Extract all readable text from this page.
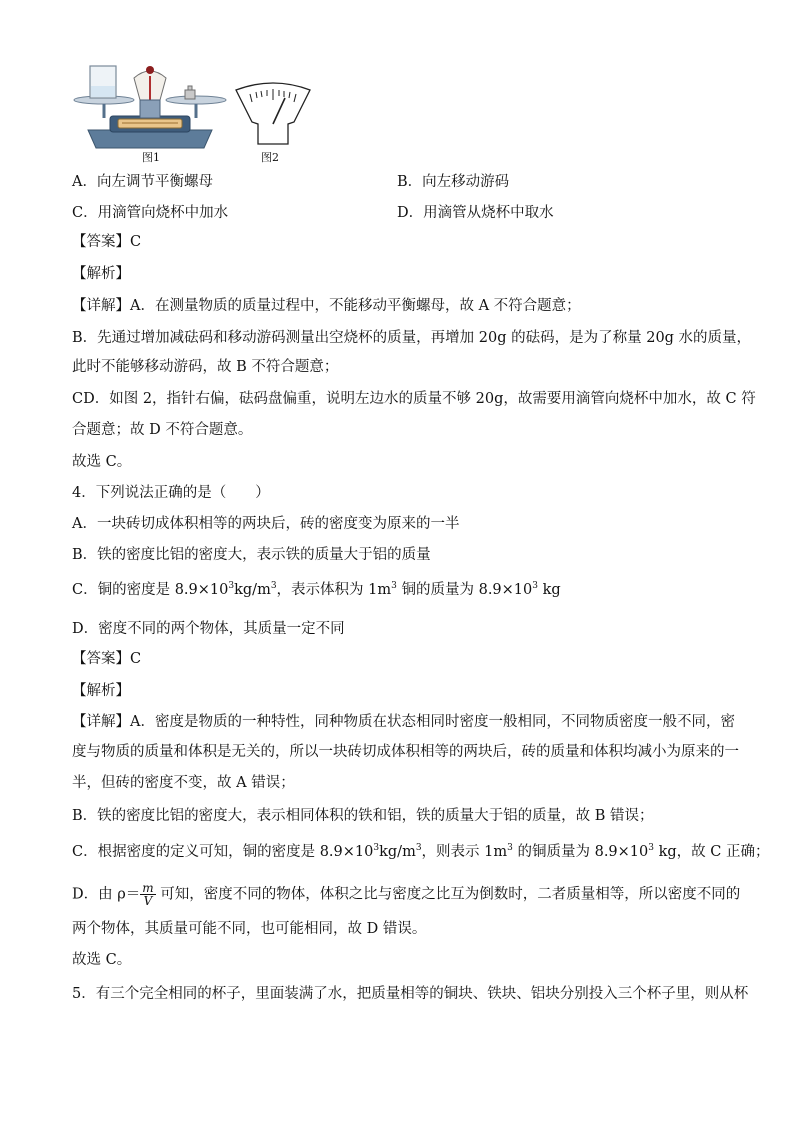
图1	图2
A．向左调节平衡螺母	B．向左移动游码
C．用滴管向烧杯中加水	D．用滴管从烧杯中取水
【答案】C
【解析】
【详解】A．在测量物质的质量过程中，不能移动平衡螺母，故 A 不符合题意；
B．先通过增加减砝码和移动游码测量出空烧杯的质量，再增加 20g 的砝码，是为了称量 20g 水的质量，
此时不能够移动游码，故 B 不符合题意；
CD．如图 2，指针右偏，砝码盘偏重，说明左边水的质量不够 20g，故需要用滴管向烧杯中加水，故 C 符
合题意；故 D 不符合题意。
故选 C。
4．下列说法正确的是（　　）
A．一块砖切成体积相等的两块后，砖的密度变为原来的一半
B．铁的密度比铝的密度大，表示铁的质量大于铝的质量
C．铜的密度是 $8.9\times 10^3kg/m^3$，表示体积为 $1m^3$ 铜的质量为 $8.9\times 10^3$ kg
D．密度不同的两个物体，其质量一定不同
【答案】C
【解析】
【详解】A．密度是物质的一种特性，同种物质在状态相同时密度一般相同，不同物质密度一般不同，密
度与物质的质量和体积是无关的，所以一块砖切成体积相等的两块后，砖的质量和体积均减小为原来的一
半，但砖的密度不变，故 A 错误；
B．铁的密度比铝的密度大，表示相同体积的铁和铝，铁的质量大于铝的质量，故 B 错误；
C．根据密度的定义可知，铜的密度是 $8.9\times 10^3kg/m^3$，则表示 $1m^3$ 的铜质量为 $8.9\times 10^3$ kg，故 C 正确；
D．由 $\rho= \frac{m}{V}$ 可知，密度不同的物体，体积之比与密度之比互为倒数时，二者质量相等，所以密度不同的
两个物体，其质量可能不同，也可能相同，故 D 错误。
故选 C。
5．有三个完全相同的杯子，里面装满了水，把质量相等的铜块、铁块、铝块分别投入三个杯子里，则从杯
